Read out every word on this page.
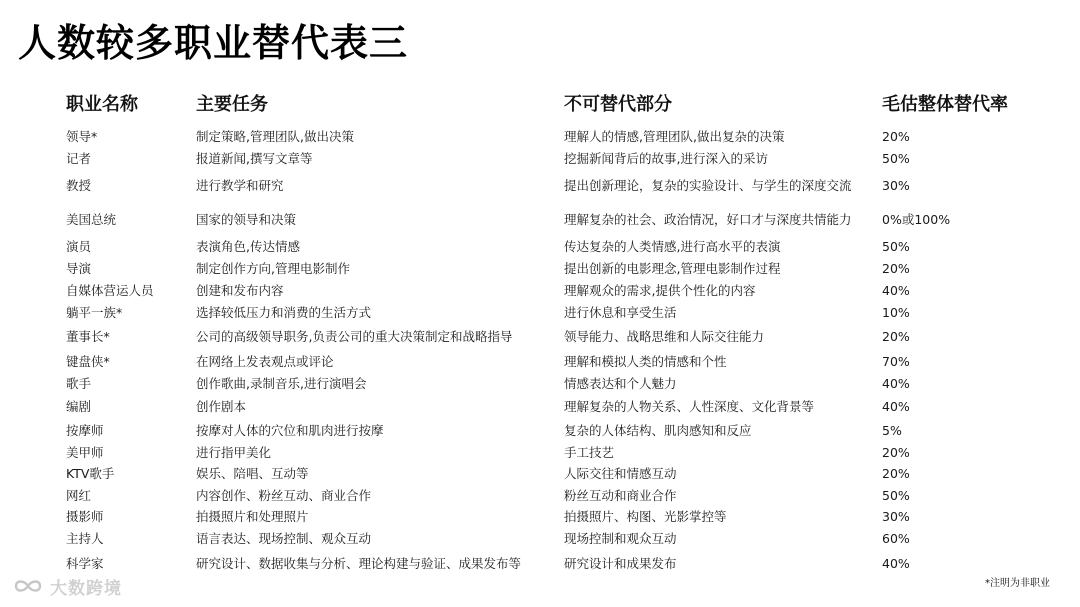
人数较多职业替代表三
职业名称	主要任务	不可替代部分	毛估整体替代率
领导*	制定策略,管理团队,做出决策	理解人的情感,管理团队,做出复杂的决策	20%
记者	报道新闻,撰写文章等	挖掘新闻背后的故事,进行深入的采访	50%
教授	进行教学和研究	提出创新理论，复杂的实验设计、与学生的深度交流 30%
美国总统	国家的领导和决策	理解复杂的社会、政治情况，好口才与深度共情能力 0%或100%
演员	表演角色,传达情感	传达复杂的人类情感,进行高水平的表演	50%
导演	制定创作方向,管理电影制作	提出创新的电影理念,管理电影制作过程	20%
自媒体营运人员	创建和发布内容	理解观众的需求,提供个性化的内容	40%
躺平一族*	选择较低压力和消费的生活方式	进行休息和享受生活	10%
董事长*	公司的高级领导职务,负责公司的重大决策制定和战略指导	领导能力、战略思维和人际交往能力	20%
键盘侠*	在网络上发表观点或评论	理解和模拟人类的情感和个性	70%
歌手	创作歌曲,录制音乐,进行演唱会	情感表达和个人魅力	40%
编剧	创作剧本	理解复杂的人物关系、人性深度、文化背景等	40%
按摩师	按摩对人体的穴位和肌肉进行按摩	复杂的人体结构、肌肉感知和反应	5%
美甲师	进行指甲美化	手工技艺	20%
KTV歌手	娱乐、陪唱、互动等	人际交往和情感互动	20%
网红	内容创作、粉丝互动、商业合作	粉丝互动和商业合作	50%
摄影师	拍摄照片和处理照片	拍摄照片、构图、光影掌控等	30%
主持人	语言表达、现场控制、观众互动	现场控制和观众互动	60%
科学家	研究设计、数据收集与分析、理论构建与验证、成果发布等	研究设计和成果发布	40%
*注明为非职业
大数跨境
